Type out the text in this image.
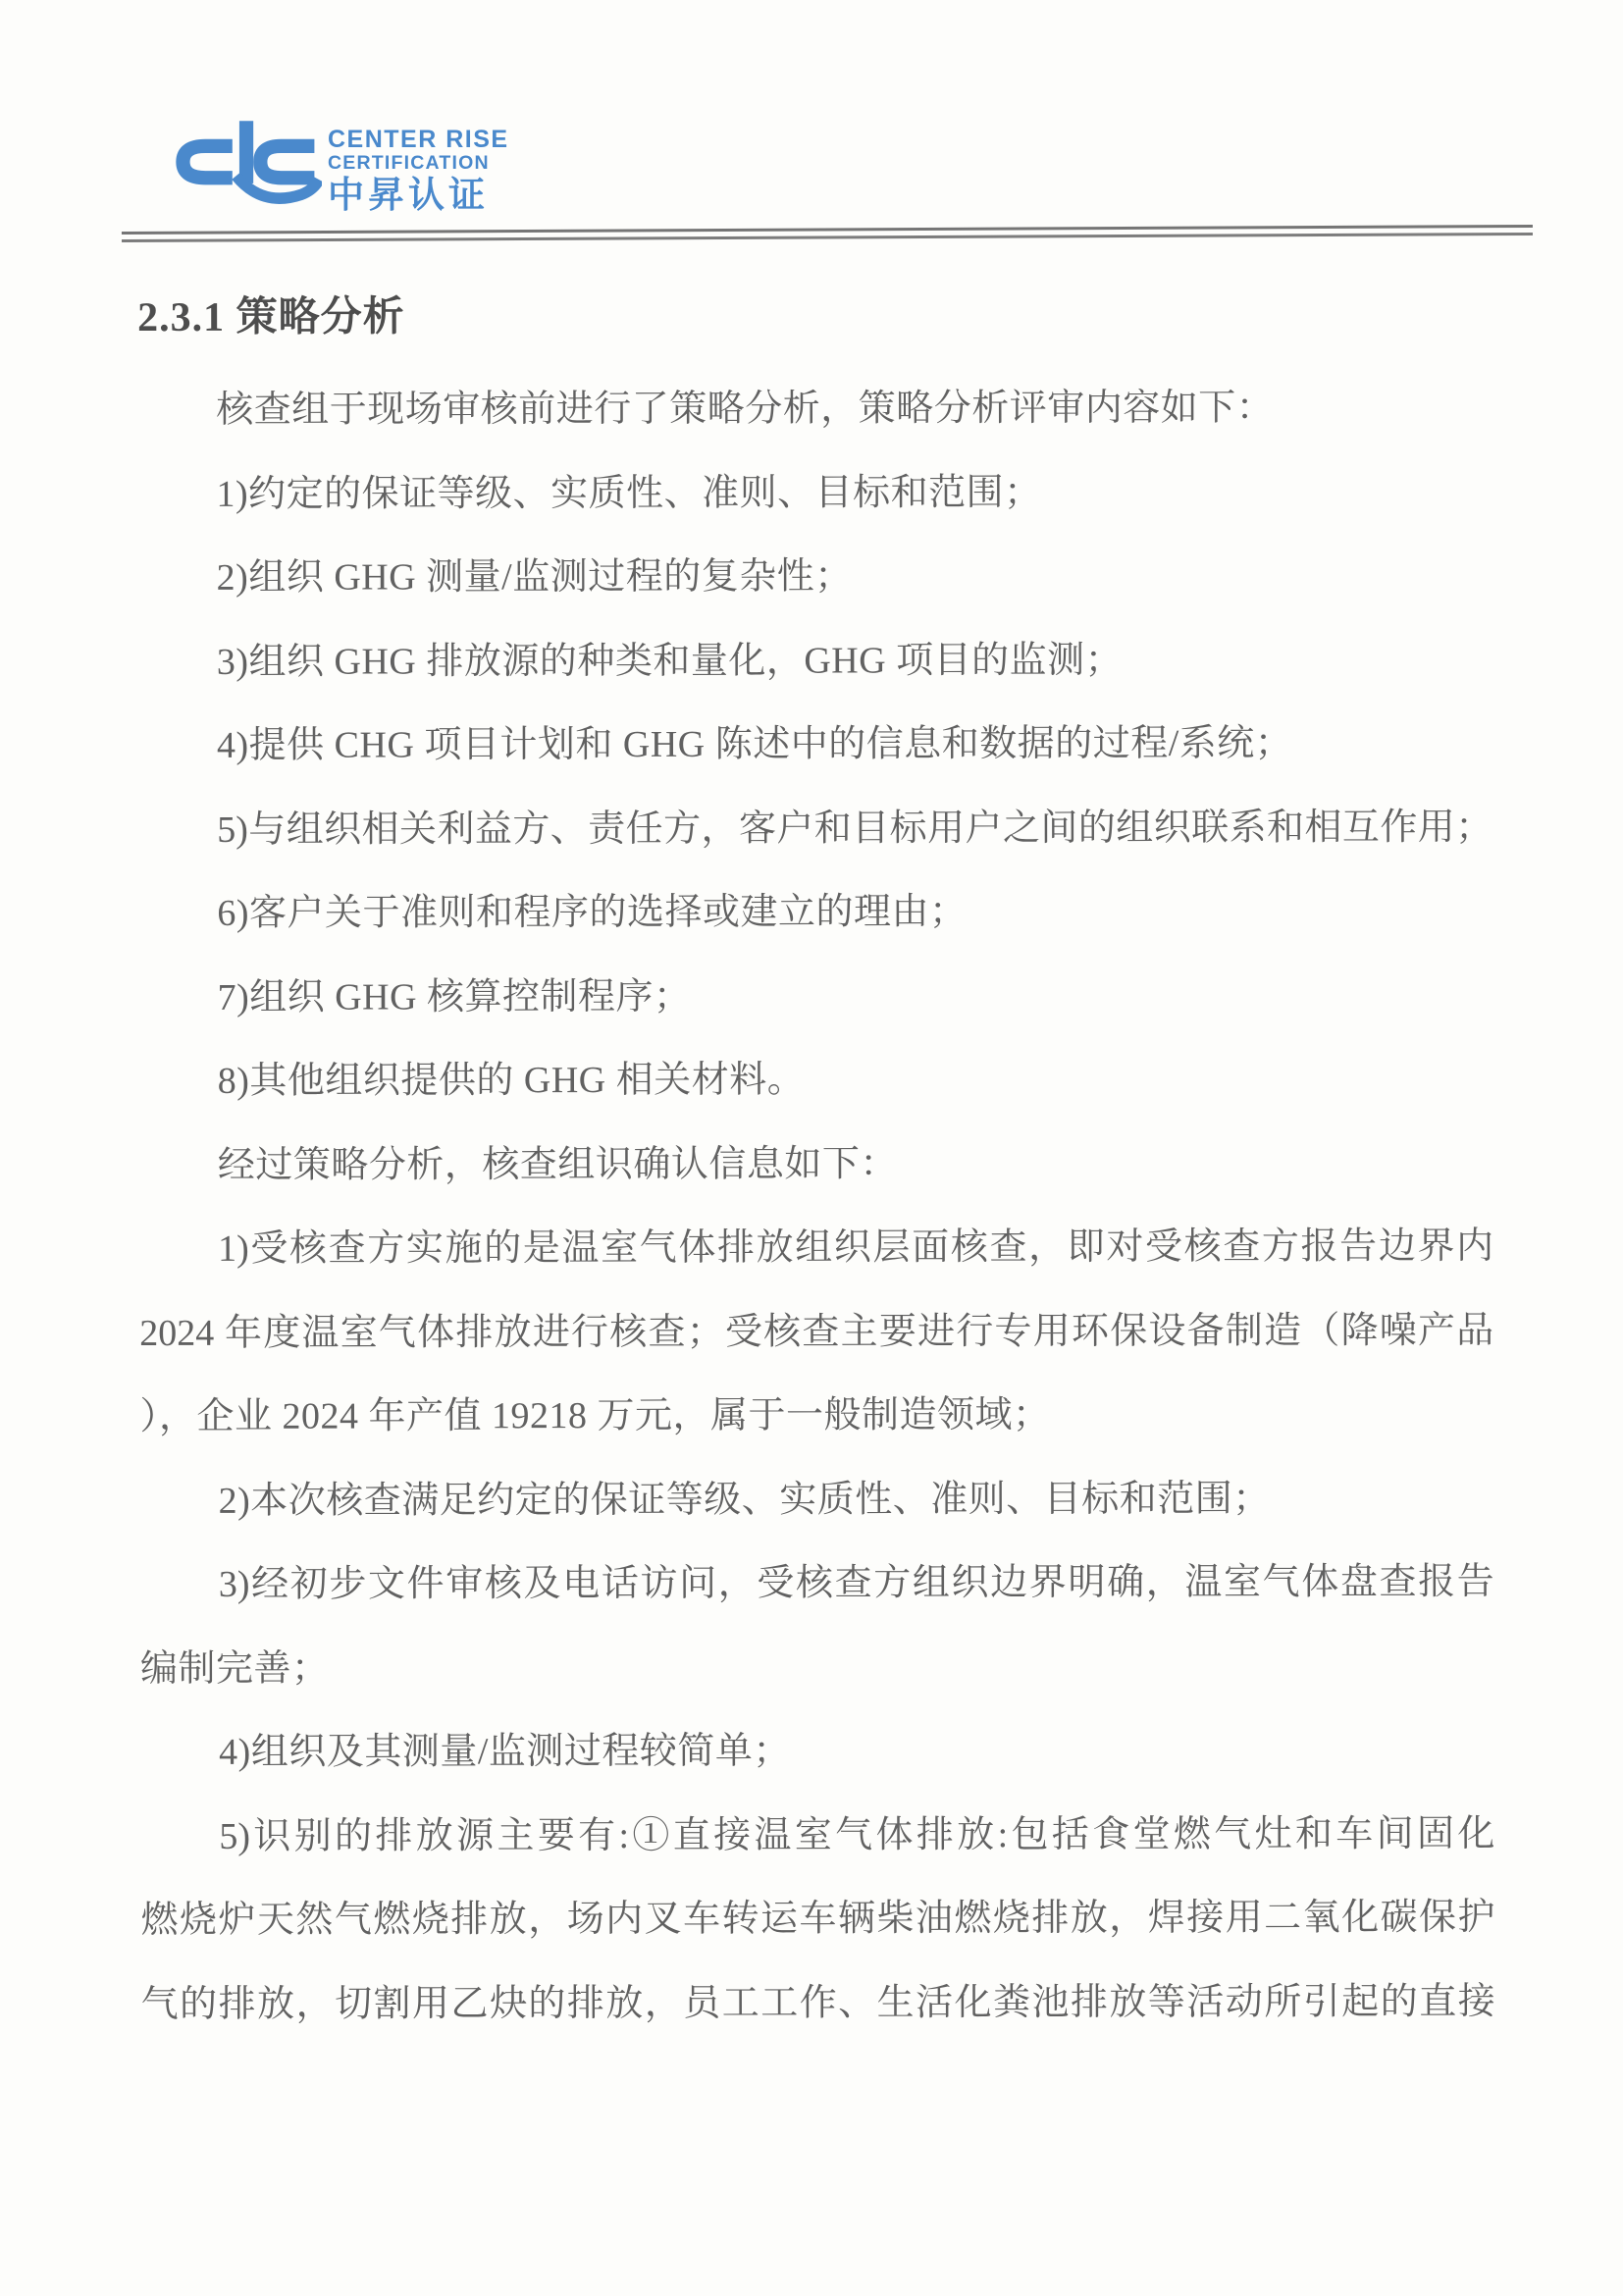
CENTER RISE
CERTIFICATION
中昇认证
2.3.1 策略分析
核查组于现场审核前进行了策略分析，策略分析评审内容如下：
1)约定的保证等级、实质性、准则、目标和范围；
2)组织 GHG 测量/监测过程的复杂性；
3)组织 GHG 排放源的种类和量化，GHG 项目的监测；
4)提供 CHG 项目计划和 GHG 陈述中的信息和数据的过程/系统；
5)与组织相关利益方、责任方，客户和目标用户之间的组织联系和相互作用；
6)客户关于准则和程序的选择或建立的理由；
7)组织 GHG 核算控制程序；
8)其他组织提供的 GHG 相关材料。
经过策略分析，核查组识确认信息如下：
1)受核查方实施的是温室气体排放组织层面核查，即对受核查方报告边界内
2024 年度温室气体排放进行核查；受核查主要进行专用环保设备制造（降噪产品
），企业 2024 年产值 19218 万元，属于一般制造领域；
2)本次核查满足约定的保证等级、实质性、准则、目标和范围；
3)经初步文件审核及电话访问，受核查方组织边界明确，温室气体盘查报告
编制完善；
4)组织及其测量/监测过程较简单；
5)识别的排放源主要有:①直接温室气体排放:包括食堂燃气灶和车间固化
燃烧炉天然气燃烧排放，场内叉车转运车辆柴油燃烧排放，焊接用二氧化碳保护
气的排放，切割用乙炔的排放，员工工作、生活化粪池排放等活动所引起的直接
